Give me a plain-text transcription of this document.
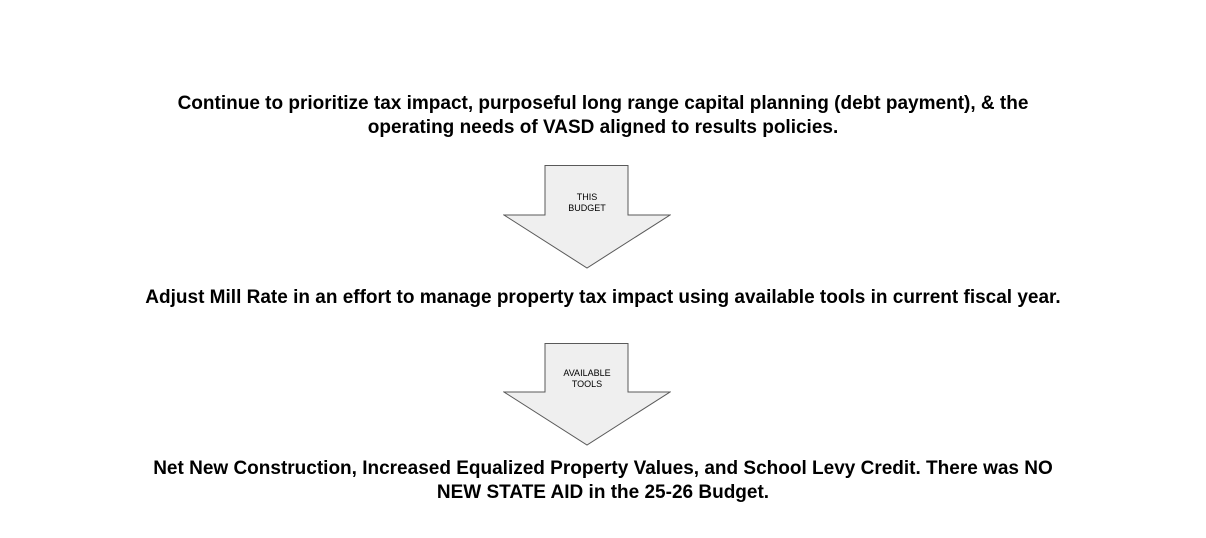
Continue to prioritize tax impact, purposeful long range capital planning (debt payment), & the
operating needs of VASD aligned to results policies.

THIS
BUDGET

Adjust Mill Rate in an effort to manage property tax impact using available tools in current fiscal year.

AVAILABLE
TOOLS

Net New Construction, Increased Equalized Property Values, and School Levy Credit. There was NO
NEW STATE AID in the 25-26 Budget.
